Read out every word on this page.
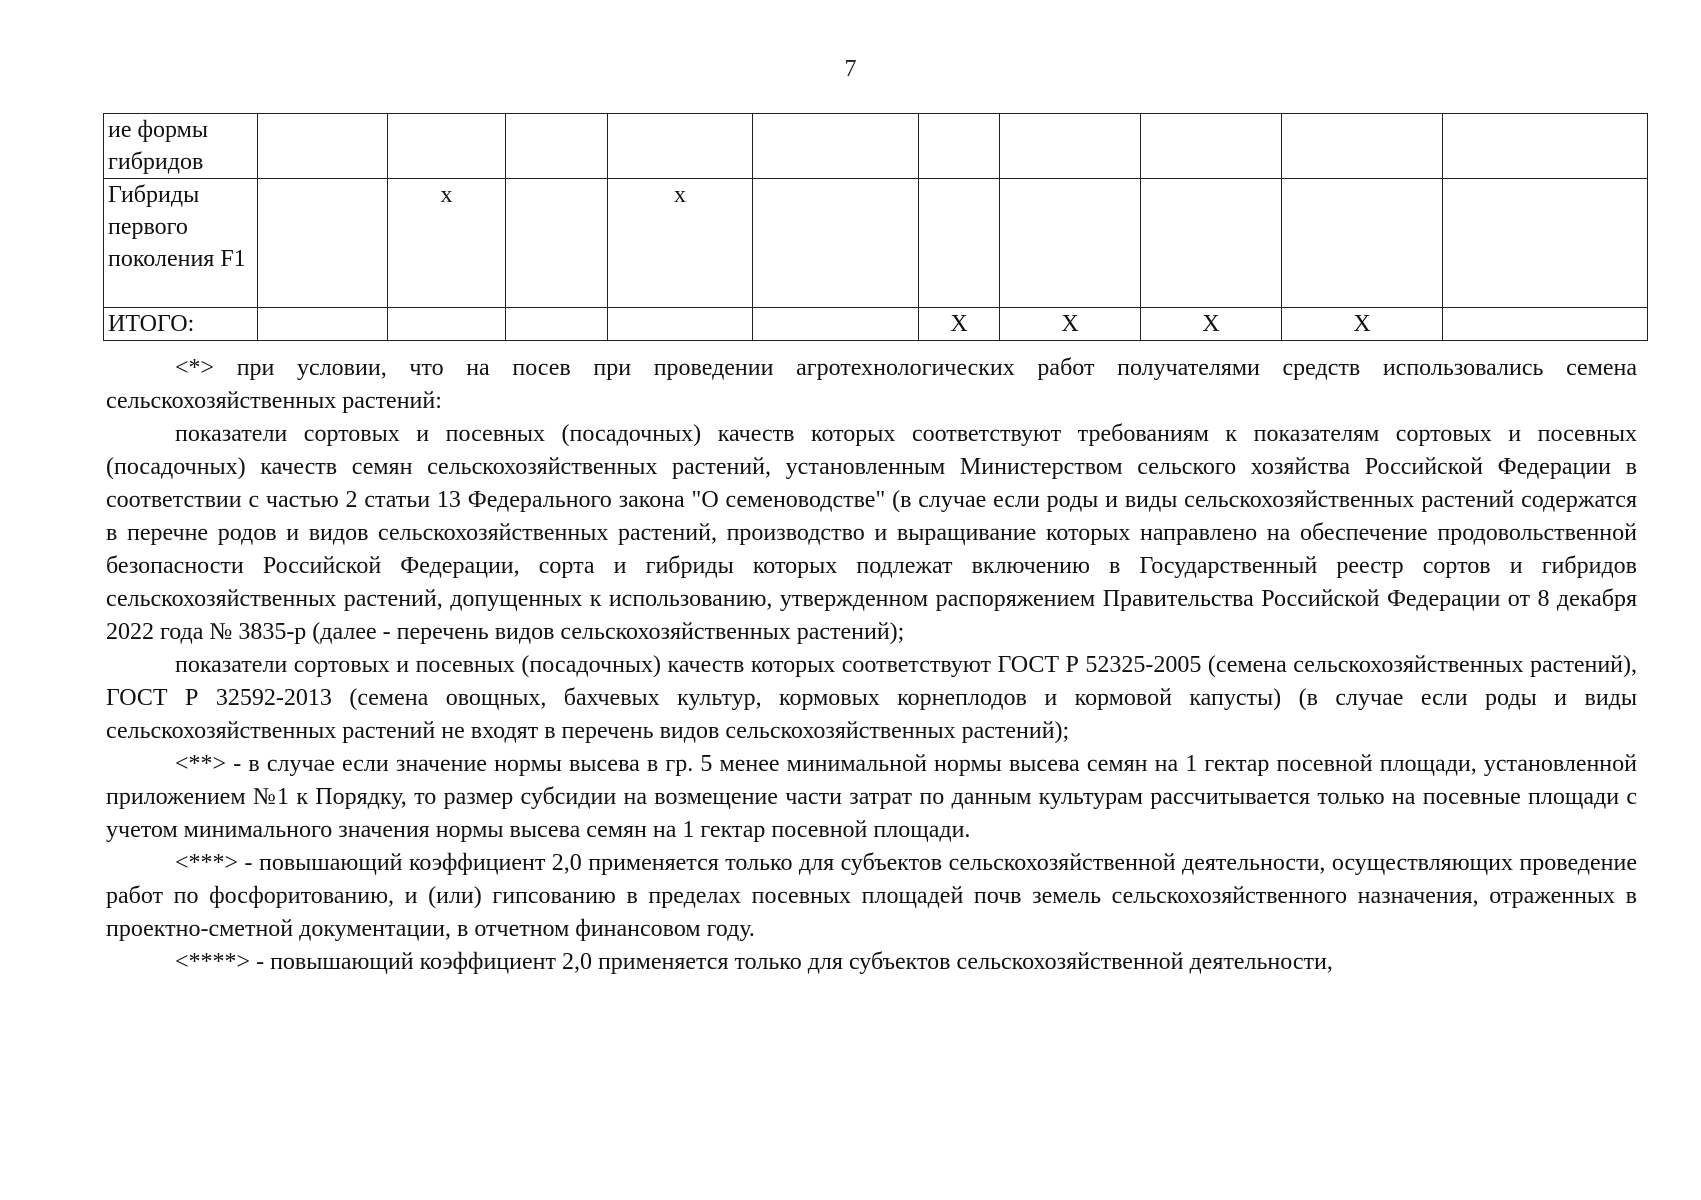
7
ие формы гибридов										
Гибриды первого поколения F1		х		х						
ИТОГО:						Х	Х	Х	Х	

<*> при условии, что на посев при проведении агротехнологических работ получателями средств использовались семена сельскохозяйственных растений:

показатели сортовых и посевных (посадочных) качеств которых соответствуют требованиям к показателям сортовых и посевных (посадочных) качеств семян сельскохозяйственных растений, установленным Министерством сельского хозяйства Российской Федерации в соответствии с частью 2 статьи 13 Федерального закона "О семеноводстве" (в случае если роды и виды сельскохозяйственных растений содержатся в перечне родов и видов сельскохозяйственных растений, производство и выращивание которых направлено на обеспечение продовольственной безопасности Российской Федерации, сорта и гибриды которых подлежат включению в Государственный реестр сортов и гибридов сельскохозяйственных растений, допущенных к использованию, утвержденном распоряжением Правительства Российской Федерации от 8 декабря 2022 года № 3835-р (далее - перечень видов сельскохозяйственных растений);

показатели сортовых и посевных (посадочных) качеств которых соответствуют ГОСТ Р 52325-2005 (семена сельскохозяйственных растений), ГОСТ Р 32592-2013 (семена овощных, бахчевых культур, кормовых корнеплодов и кормовой капусты) (в случае если роды и виды сельскохозяйственных растений не входят в перечень видов сельскохозяйственных растений);

<**> - в случае если значение нормы высева в гр. 5 менее минимальной нормы высева семян на 1 гектар посевной площади, установленной приложением №1 к Порядку, то размер субсидии на возмещение части затрат по данным культурам рассчитывается только на посевные площади с учетом минимального значения нормы высева семян на 1 гектар посевной площади.

<***> - повышающий коэффициент 2,0 применяется только для субъектов сельскохозяйственной деятельности, осуществляющих проведение работ по фосфоритованию, и (или) гипсованию в пределах посевных площадей почв земель сельскохозяйственного назначения, отраженных в проектно-сметной документации, в отчетном финансовом году.

<****> - повышающий коэффициент 2,0 применяется только для субъектов сельскохозяйственной деятельности,
